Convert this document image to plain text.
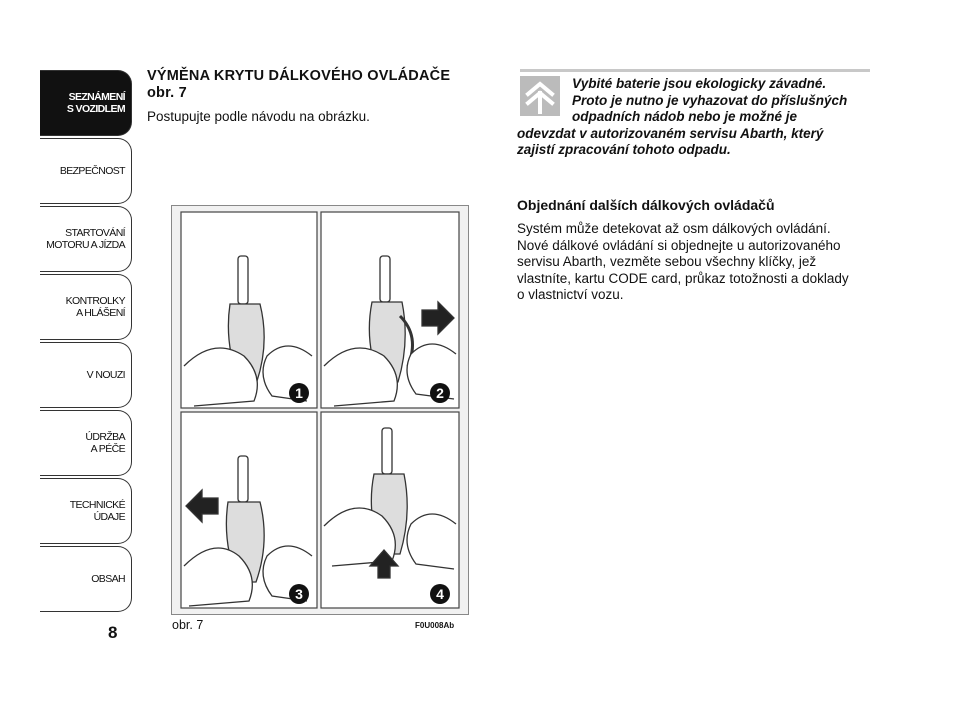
SEZNÁMENÍ
S VOZIDLEM
BEZPEČNOST
STARTOVÁNÍ
MOTORU A JÍZDA
KONTROLKY
A HLÁŠENÍ
V NOUZI
ÚDRŽBA
A PÉČE
TECHNICKÉ
ÚDAJE
OBSAH
8
VÝMĚNA KRYTU DÁLKOVÉHO OVLÁDAČE
obr. 7
Postupujte podle návodu na obrázku.
1	2
3	4
obr. 7	F0U008Ab
Vybité baterie jsou ekologicky závadné.
Proto je nutno je vyhazovat do příslušných
odpadních nádob nebo je možné je
odevzdat v autorizovaném servisu Abarth, který
zajistí zpracování tohoto odpadu.
Objednání dalších dálkových ovládačů
Systém může detekovat až osm dálkových ovládání.
Nové dálkové ovládání si objednejte u autorizovaného
servisu Abarth, vezměte sebou všechny klíčky, jež
vlastníte, kartu CODE card, průkaz totožnosti a doklady
o vlastnictví vozu.
